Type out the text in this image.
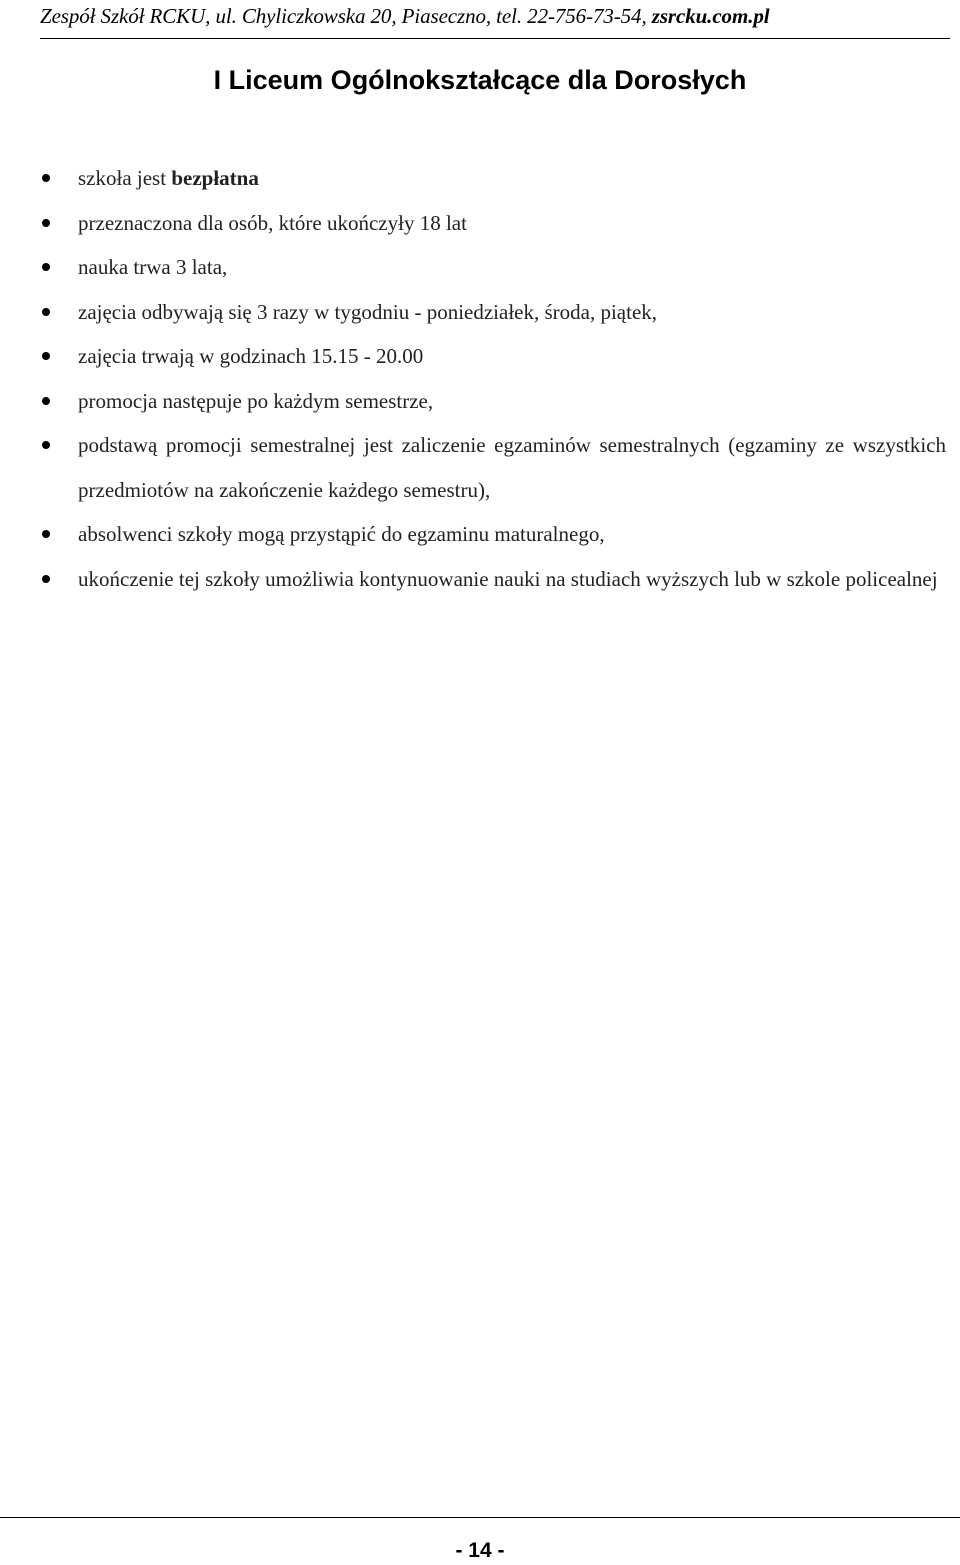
Zespół Szkół RCKU, ul. Chyliczkowska 20, Piaseczno, tel. 22-756-73-54, zsrcku.com.pl
I Liceum Ogólnokształcące dla Dorosłych
szkoła jest bezpłatna
przeznaczona dla osób, które ukończyły 18 lat
nauka trwa 3 lata,
zajęcia odbywają się 3 razy w tygodniu - poniedziałek, środa, piątek,
zajęcia trwają w godzinach 15.15 - 20.00
promocja następuje po każdym semestrze,
podstawą promocji semestralnej jest zaliczenie egzaminów semestralnych (egzaminy ze wszystkich przedmiotów na zakończenie każdego semestru),
absolwenci szkoły mogą przystąpić do egzaminu maturalnego,
ukończenie tej szkoły umożliwia kontynuowanie nauki na studiach wyższych lub w szkole policealnej
- 14 -
